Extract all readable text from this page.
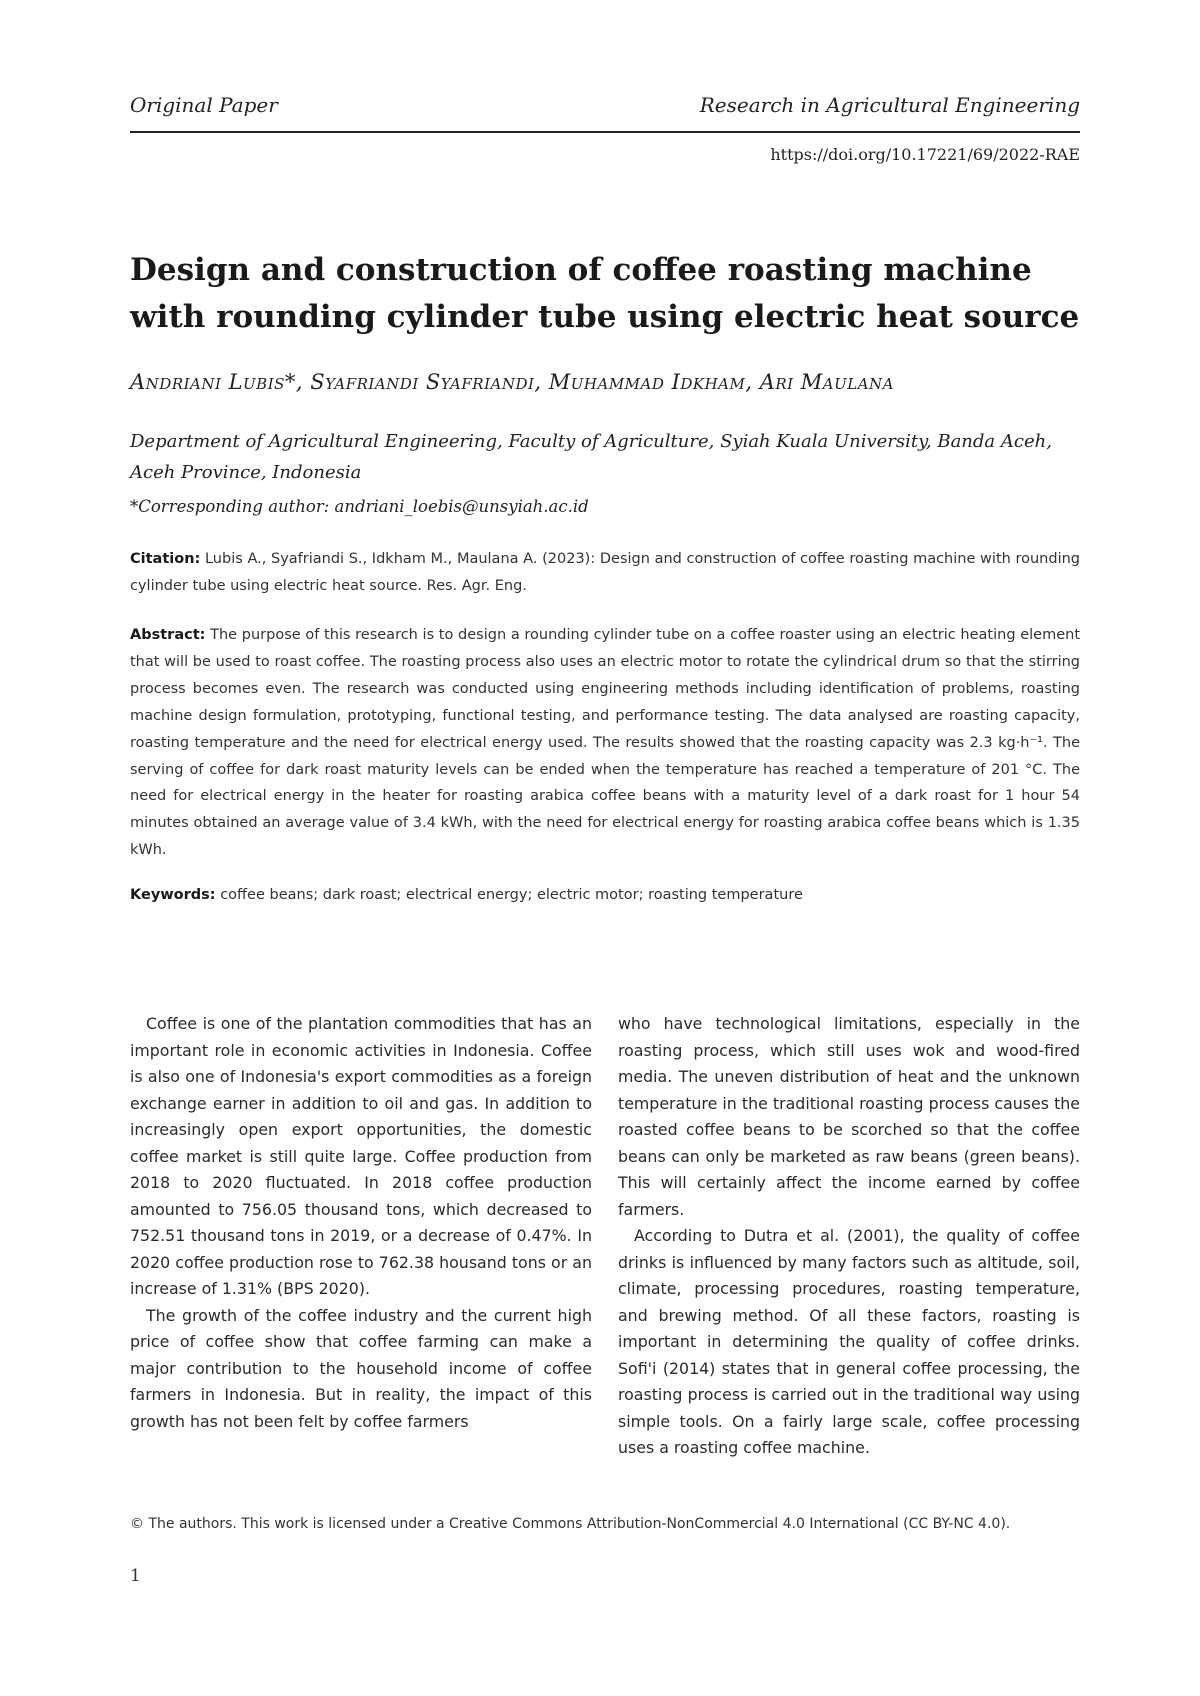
Original Paper	Research in Agricultural Engineering
https://doi.org/10.17221/69/2022-RAE
Design and construction of coffee roasting machine with rounding cylinder tube using electric heat source
Andriani Lubis*, Syafriandi Syafriandi, Muhammad Idkham, Ari Maulana
Department of Agricultural Engineering, Faculty of Agriculture, Syiah Kuala University, Banda Aceh, Aceh Province, Indonesia
*Corresponding author: andriani_loebis@unsyiah.ac.id
Citation: Lubis A., Syafriandi S., Idkham M., Maulana A. (2023): Design and construction of coffee roasting machine with rounding cylinder tube using electric heat source. Res. Agr. Eng.
Abstract: The purpose of this research is to design a rounding cylinder tube on a coffee roaster using an electric heating element that will be used to roast coffee. The roasting process also uses an electric motor to rotate the cylindrical drum so that the stirring process becomes even. The research was conducted using engineering methods including identification of problems, roasting machine design formulation, prototyping, functional testing, and performance testing. The data analysed are roasting capacity, roasting temperature and the need for electrical energy used. The results showed that the roasting capacity was 2.3 kg·h⁻¹. The serving of coffee for dark roast maturity levels can be ended when the temperature has reached a temperature of 201 °C. The need for electrical energy in the heater for roasting arabica coffee beans with a maturity level of a dark roast for 1 hour 54 minutes obtained an average value of 3.4 kWh, with the need for electrical energy for roasting arabica coffee beans which is 1.35 kWh.
Keywords: coffee beans; dark roast; electrical energy; electric motor; roasting temperature

Coffee is one of the plantation commodities that has an important role in economic activities in Indonesia. Coffee is also one of Indonesia's export commodities as a foreign exchange earner in addition to oil and gas. In addition to increasingly open export opportunities, the domestic coffee market is still quite large. Coffee production from 2018 to 2020 fluctuated. In 2018 coffee production amounted to 756.05 thousand tons, which decreased to 752.51 thousand tons in 2019, or a decrease of 0.47%. In 2020 coffee production rose to 762.38 housand tons or an increase of 1.31% (BPS 2020).

The growth of the coffee industry and the current high price of coffee show that coffee farming can make a major contribution to the household income of coffee farmers in Indonesia. But in reality, the impact of this growth has not been felt by coffee farmers

who have technological limitations, especially in the roasting process, which still uses wok and wood-fired media. The uneven distribution of heat and the unknown temperature in the traditional roasting process causes the roasted coffee beans to be scorched so that the coffee beans can only be marketed as raw beans (green beans). This will certainly affect the income earned by coffee farmers.

According to Dutra et al. (2001), the quality of coffee drinks is influenced by many factors such as altitude, soil, climate, processing procedures, roasting temperature, and brewing method. Of all these factors, roasting is important in determining the quality of coffee drinks. Sofi'i (2014) states that in general coffee processing, the roasting process is carried out in the traditional way using simple tools. On a fairly large scale, coffee processing uses a roasting coffee machine.

© The authors. This work is licensed under a Creative Commons Attribution-NonCommercial 4.0 International (CC BY-NC 4.0).
1
